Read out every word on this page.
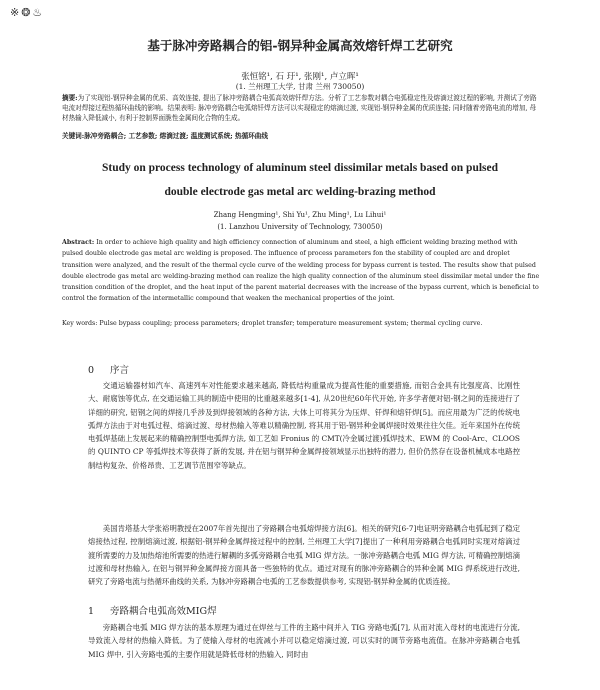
※❂♨
基于脉冲旁路耦合的铝-钢异种金属高效熔钎焊工艺研究
张恒铭¹, 石 玗¹, 张刚¹, 卢立晖¹
(1. 兰州理工大学, 甘肃 兰州 730050)
摘要:为了实现铝-钢异种金属的优质、高效连接, 提出了脉冲旁路耦合电弧高效熔钎焊方法。分析了工艺参数对耦合电弧稳定性及熔滴过渡过程的影响, 并测试了旁路电流对焊接过程热循环曲线的影响。结果表明: 脉冲旁路耦合电弧熔钎焊方法可以实现稳定的熔滴过渡, 实现铝-钢异种金属的优质连接; 同时随着旁路电流的增加, 母材热输入降低减小, 有利于控制界面脆性金属间化合物的生成。
关键词:脉冲旁路耦合; 工艺参数; 熔滴过渡; 温度测试系统; 热循环曲线
Study on process technology of aluminum steel dissimilar metals based on pulsed
double electrode gas metal arc welding-brazing method
Zhang Hengming¹, Shi Yu¹, Zhu Ming¹, Lu Lihui¹
(1. Lanzhou University of Technology, 730050)
Abstract: In order to achieve high quality and high efficiency connection of aluminum and steel, a high efficient welding brazing method with pulsed double electrode gas metal arc welding is proposed. The influence of process parameters fon the stability of coupled arc and droplet transition were analyzed, and the result of the thermal cycle curve of the welding process for bypass current is tested. The results show that pulsed double electrode gas metal arc welding-brazing method can realize the high quality connection of the aluminum steel dissimilar metal under the fine transition condition of the droplet, and the heat input of the parent material decreases with the increase of the bypass current, which is beneficial to control the formation of the intermetallic compound that weaken the mechanical properties of the joint.
Key words: Pulse bypass coupling; process parameters; droplet transfer; temperature measurement system; thermal cycling curve.
0 序言
交通运输器材如汽车、高速列车对性能要求越来越高, 降低结构重量成为提高性能的重要措施, 而铝合金具有比强度高、比刚性大、耐腐蚀等优点, 在交通运输工具的制造中使用的比重越来越多[1-4], 从20世纪60年代开始, 许多学者便对铝-钢之间的连接进行了详细的研究, 铝钢之间的焊接几乎涉及到焊接领域的各种方法, 大体上可将其分为压焊、钎焊和熔钎焊[5]。而应用最为广泛的传统电弧焊方法由于对电弧过程、熔滴过渡、母材热输入等难以精确控制, 将其用于铝-钢异种金属焊接时效果往往欠佳。近年来国外在传统电弧焊基础上发展起来的精确控制型电弧焊方法, 如工艺如 Fronius 的 CMT(冷金属过渡)弧焊技术、EWM 的 Cool-Arc、CLOOS 的 QUINTO CP 等弧焊技术等获得了新的发展, 并在铝与钢异种金属焊接领域显示出独特的潜力, 但价仍然存在设备机械成本电路控制结构复杂、价格昂贵、工艺调节范围窄等缺点。
美国肯塔基大学张裕明教授在2007年首先提出了旁路耦合电弧熔焊接方法[6]。相关的研究[6-7]电证明旁路耦合电弧起到了稳定熔接热过程, 控制熔滴过渡, 根据铝-钢异种金属焊接过程中的控制, 兰州理工大学[7]提出了一种利用旁路耦合电弧同时实现对熔滴过渡所需要的力及加热熔池所需要的热进行解耦的多弧旁路耦合电弧 MIG 焊方法。一脉冲旁路耦合电弧 MIG 焊方法, 可精确控制熔滴过渡和母材热输入, 在铝与钢异种金属焊接方面具备一些独特的优点。通过对现有的脉冲旁路耦合的异种金属 MIG 焊系统进行改进, 研究了旁路电流与热循环曲线的关系, 为脉冲旁路耦合电弧的工艺参数提供参考, 实现铝-钢异种金属的优质连接。
1 旁路耦合电弧高效MIG焊
旁路耦合电弧 MIG 焊方法的基本原理为通过在焊丝与工件的主路中间并入 TIG 旁路电弧[7], 从而对流入母材的电流进行分流, 导致流入母材的热输入降低。为了使输入母材的电流减小并可以稳定熔滴过渡, 可以实时的调节旁路电流值。在脉冲旁路耦合电弧 MIG 焊中, 引入旁路电弧的主要作用就是降低母材的热输入, 同时由
